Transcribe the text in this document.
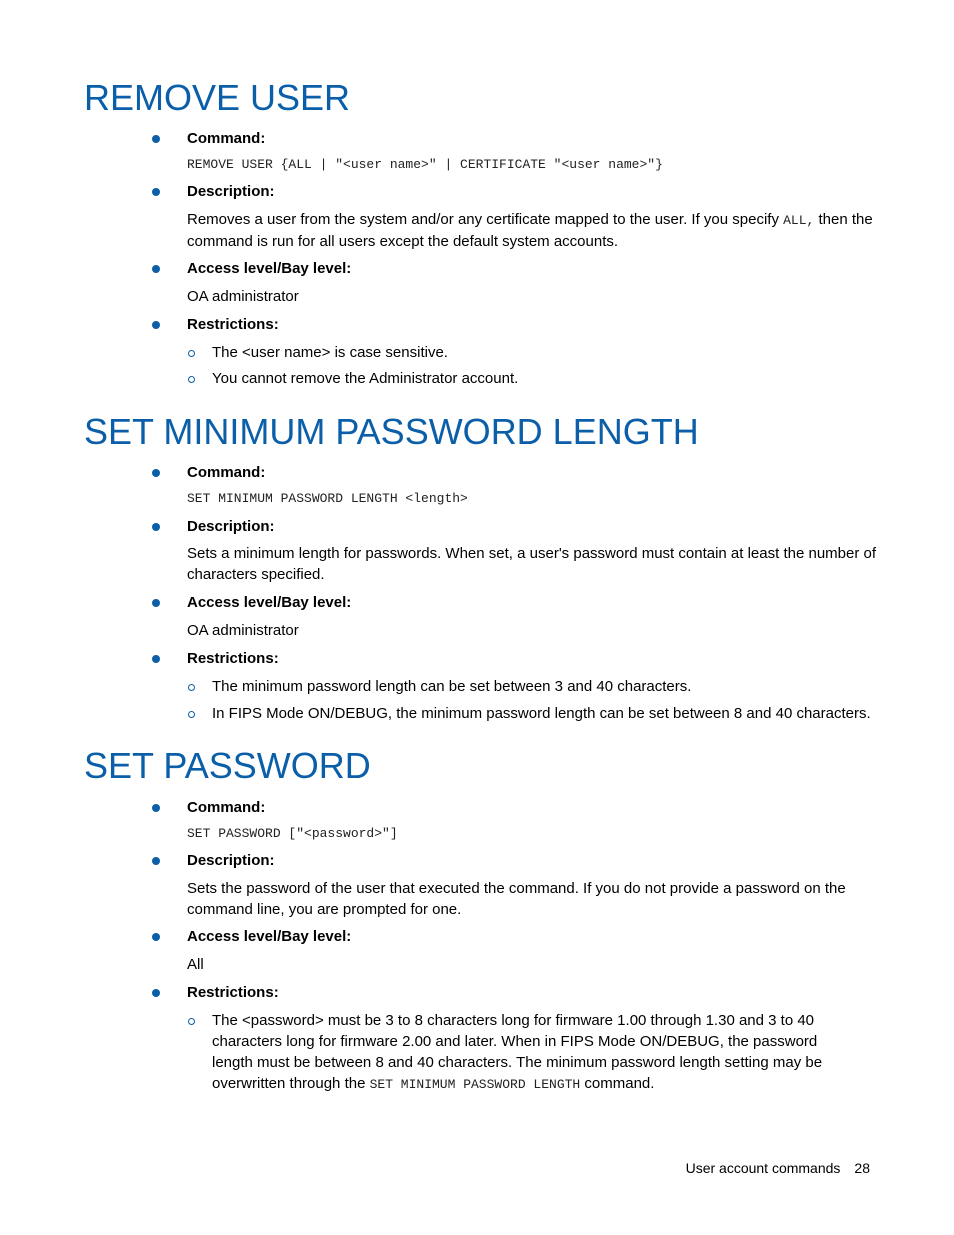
REMOVE USER
Command:
REMOVE USER {ALL | "<user name>" | CERTIFICATE "<user name>"}
Description:
Removes a user from the system and/or any certificate mapped to the user. If you specify ALL, then the command is run for all users except the default system accounts.
Access level/Bay level:
OA administrator
Restrictions:
The <user name> is case sensitive.
You cannot remove the Administrator account.
SET MINIMUM PASSWORD LENGTH
Command:
SET MINIMUM PASSWORD LENGTH <length>
Description:
Sets a minimum length for passwords. When set, a user's password must contain at least the number of characters specified.
Access level/Bay level:
OA administrator
Restrictions:
The minimum password length can be set between 3 and 40 characters.
In FIPS Mode ON/DEBUG, the minimum password length can be set between 8 and 40 characters.
SET PASSWORD
Command:
SET PASSWORD ["<password>"]
Description:
Sets the password of the user that executed the command. If you do not provide a password on the command line, you are prompted for one.
Access level/Bay level:
All
Restrictions:
The <password> must be 3 to 8 characters long for firmware 1.00 through 1.30 and 3 to 40 characters long for firmware 2.00 and later. When in FIPS Mode ON/DEBUG, the password length must be between 8 and 40 characters. The minimum password length setting may be overwritten through the SET MINIMUM PASSWORD LENGTH command.
User account commands 28
